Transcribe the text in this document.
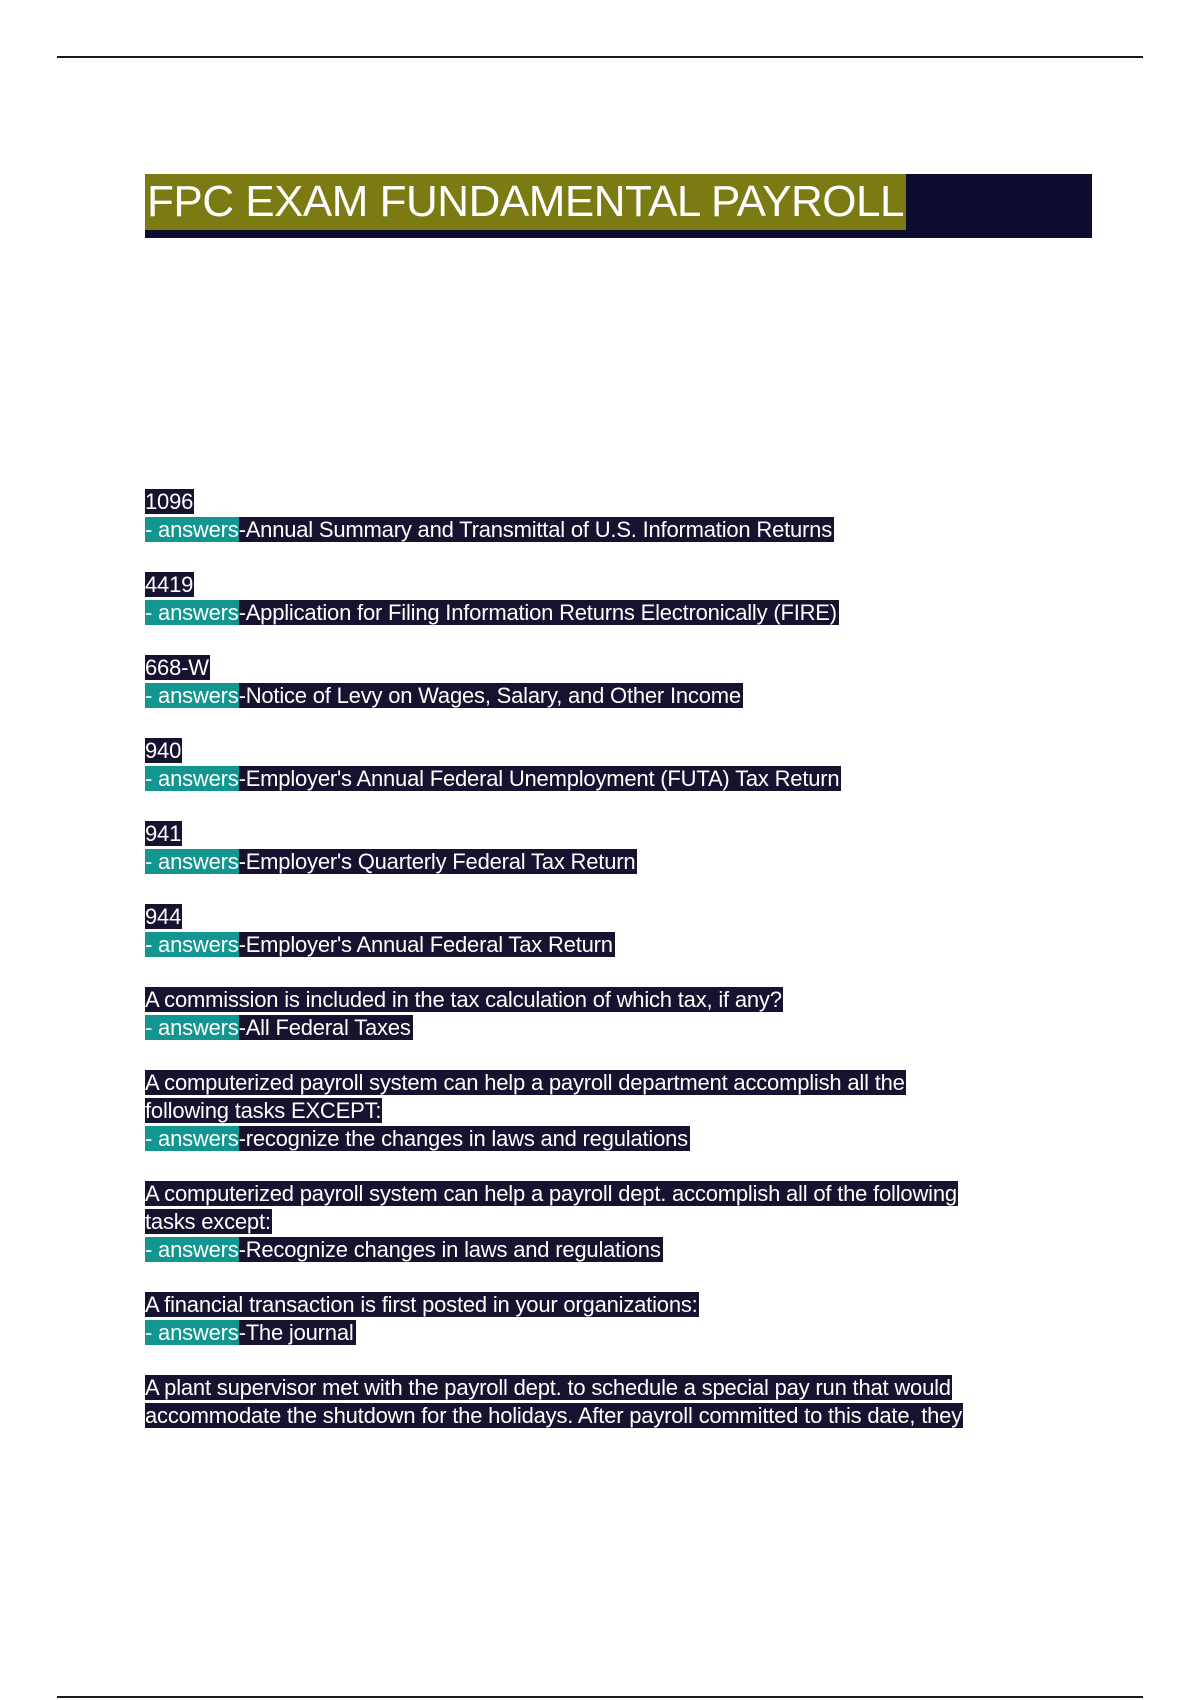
FPC EXAM FUNDAMENTAL PAYROLL
1096
- answers-Annual Summary and Transmittal of U.S. Information Returns
4419
- answers-Application for Filing Information Returns Electronically (FIRE)
668-W
- answers-Notice of Levy on Wages, Salary, and Other Income
940
- answers-Employer's Annual Federal Unemployment (FUTA) Tax Return
941
- answers-Employer's Quarterly Federal Tax Return
944
- answers-Employer's Annual Federal Tax Return
A commission is included in the tax calculation of which tax, if any?
- answers-All Federal Taxes
A computerized payroll system can help a payroll department accomplish all the
following tasks EXCEPT:
- answers-recognize the changes in laws and regulations
A computerized payroll system can help a payroll dept. accomplish all of the following
tasks except:
- answers-Recognize changes in laws and regulations
A financial transaction is first posted in your organizations:
- answers-The journal
A plant supervisor met with the payroll dept. to schedule a special pay run that would
accommodate the shutdown for the holidays. After payroll committed to this date, they
